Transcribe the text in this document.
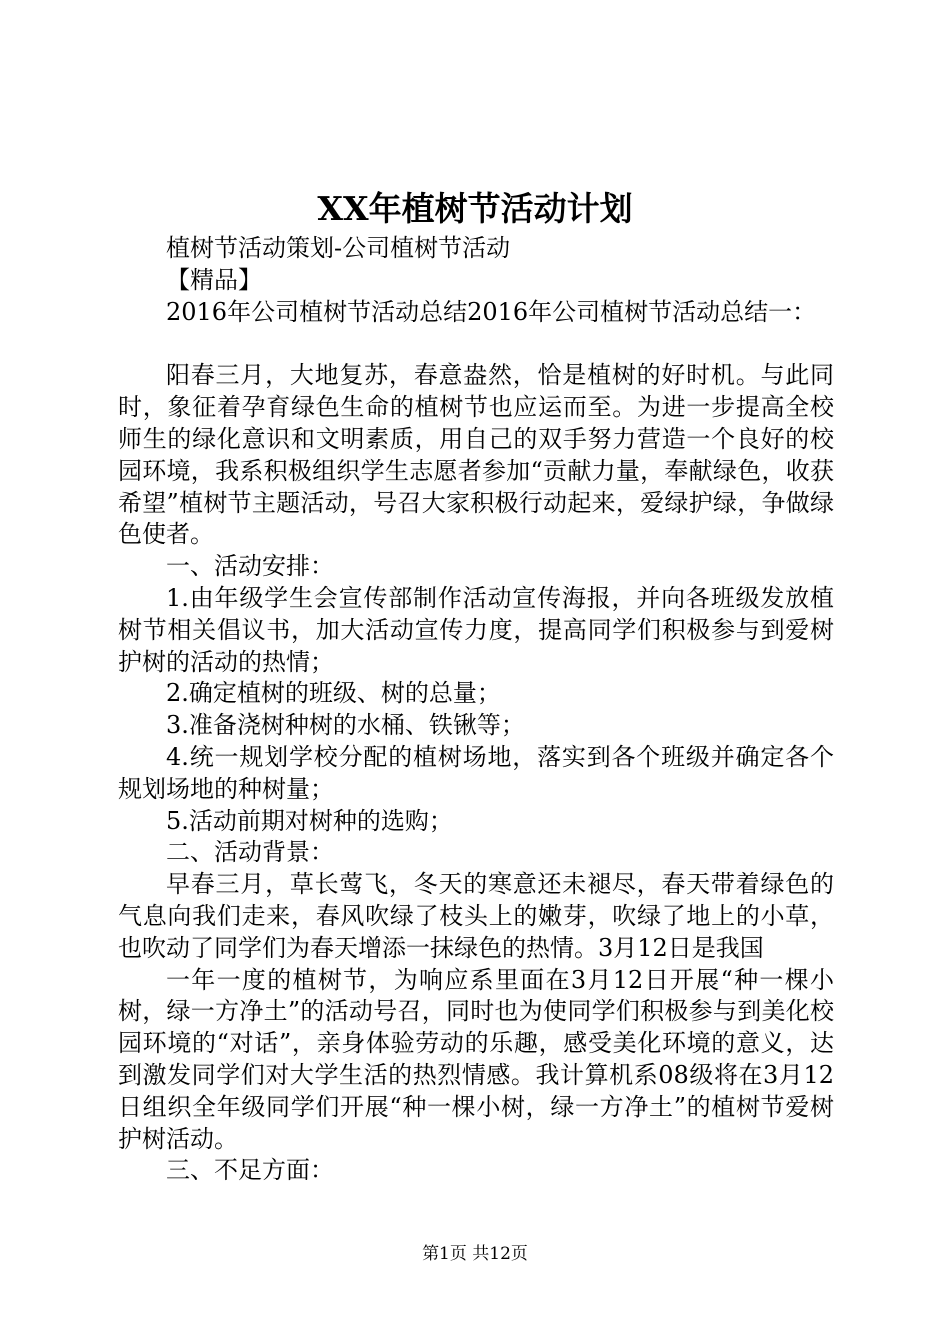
XX年植树节活动计划

植树节活动策划-公司植树节活动

【精品】

2016年公司植树节活动总结2016年公司植树节活动总结一：

阳春三月，大地复苏，春意盎然，恰是植树的好时机。与此同时，象征着孕育绿色生命的植树节也应运而至。为进一步提高全校师生的绿化意识和文明素质，用自己的双手努力营造一个良好的校园环境，我系积极组织学生志愿者参加“贡献力量，奉献绿色，收获希望”植树节主题活动，号召大家积极行动起来，爱绿护绿，争做绿色使者。

一、活动安排：

1.由年级学生会宣传部制作活动宣传海报，并向各班级发放植树节相关倡议书，加大活动宣传力度，提高同学们积极参与到爱树护树的活动的热情；

2.确定植树的班级、树的总量；

3.准备浇树种树的水桶、铁锹等；

4.统一规划学校分配的植树场地，落实到各个班级并确定各个规划场地的种树量；

5.活动前期对树种的选购；

二、活动背景：

早春三月，草长莺飞，冬天的寒意还未褪尽，春天带着绿色的气息向我们走来，春风吹绿了枝头上的嫩芽，吹绿了地上的小草，也吹动了同学们为春天增添一抹绿色的热情。3月12日是我国

一年一度的植树节，为响应系里面在3月12日开展“种一棵小树，绿一方净土”的活动号召，同时也为使同学们积极参与到美化校园环境的“对话”，亲身体验劳动的乐趣，感受美化环境的意义，达到激发同学们对大学生活的热烈情感。我计算机系08级将在3月12日组织全年级同学们开展“种一棵小树，绿一方净土”的植树节爱树护树活动。

三、不足方面：

第1页 共12页
